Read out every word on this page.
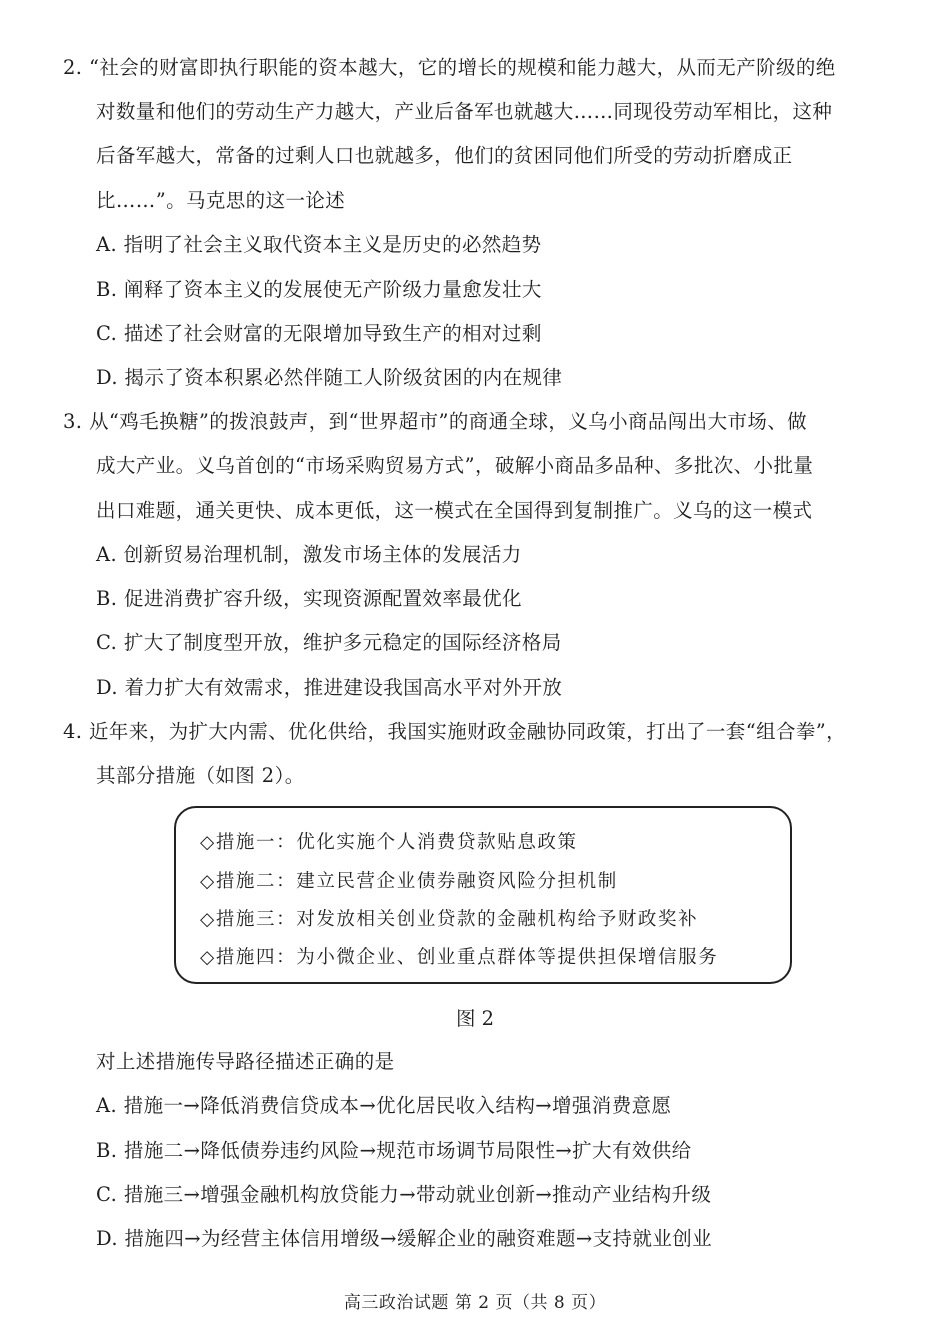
2. “社会的财富即执行职能的资本越大，它的增长的规模和能力越大，从而无产阶级的绝
对数量和他们的劳动生产力越大，产业后备军也就越大……同现役劳动军相比，这种
后备军越大，常备的过剩人口也就越多，他们的贫困同他们所受的劳动折磨成正
比……”。马克思的这一论述
A. 指明了社会主义取代资本主义是历史的必然趋势
B. 阐释了资本主义的发展使无产阶级力量愈发壮大
C. 描述了社会财富的无限增加导致生产的相对过剩
D. 揭示了资本积累必然伴随工人阶级贫困的内在规律
3. 从“鸡毛换糖”的拨浪鼓声，到“世界超市”的商通全球，义乌小商品闯出大市场、做
成大产业。义乌首创的“市场采购贸易方式”，破解小商品多品种、多批次、小批量
出口难题，通关更快、成本更低，这一模式在全国得到复制推广。义乌的这一模式
A. 创新贸易治理机制，激发市场主体的发展活力
B. 促进消费扩容升级，实现资源配置效率最优化
C. 扩大了制度型开放，维护多元稳定的国际经济格局
D. 着力扩大有效需求，推进建设我国高水平对外开放
4. 近年来，为扩大内需、优化供给，我国实施财政金融协同政策，打出了一套“组合拳”，
其部分措施（如图 2）。
◇措施一：优化实施个人消费贷款贴息政策
◇措施二：建立民营企业债券融资风险分担机制
◇措施三：对发放相关创业贷款的金融机构给予财政奖补
◇措施四：为小微企业、创业重点群体等提供担保增信服务
图 2
对上述措施传导路径描述正确的是
A. 措施一→降低消费信贷成本→优化居民收入结构→增强消费意愿
B. 措施二→降低债券违约风险→规范市场调节局限性→扩大有效供给
C. 措施三→增强金融机构放贷能力→带动就业创新→推动产业结构升级
D. 措施四→为经营主体信用增级→缓解企业的融资难题→支持就业创业
高三政治试题 第 2 页（共 8 页）
